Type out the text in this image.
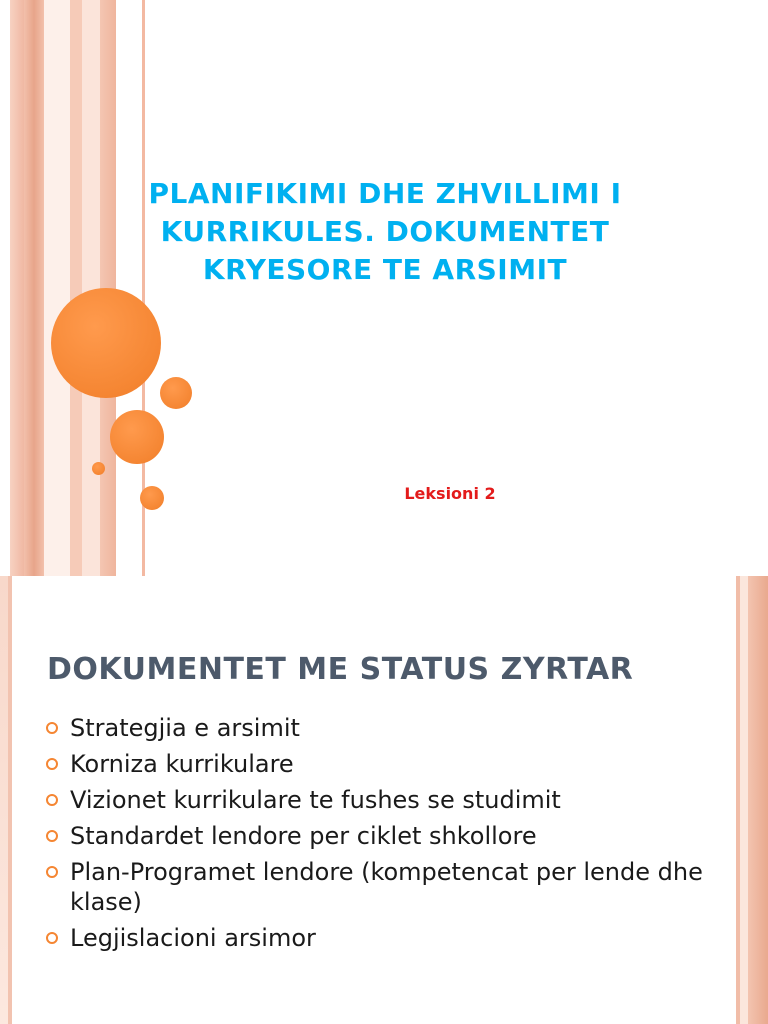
PLANIFIKIMI DHE ZHVILLIMI I KURRIKULES. DOKUMENTET KRYESORE TE ARSIMIT

Leksioni 2

DOKUMENTET ME STATUS ZYRTAR
Strategjia e arsimit
Korniza kurrikulare
Vizionet kurrikulare te fushes se studimit
Standardet lendore per ciklet shkollore
Plan-Programet lendore (kompetencat per lende dhe klase)
Legjislacioni arsimor
